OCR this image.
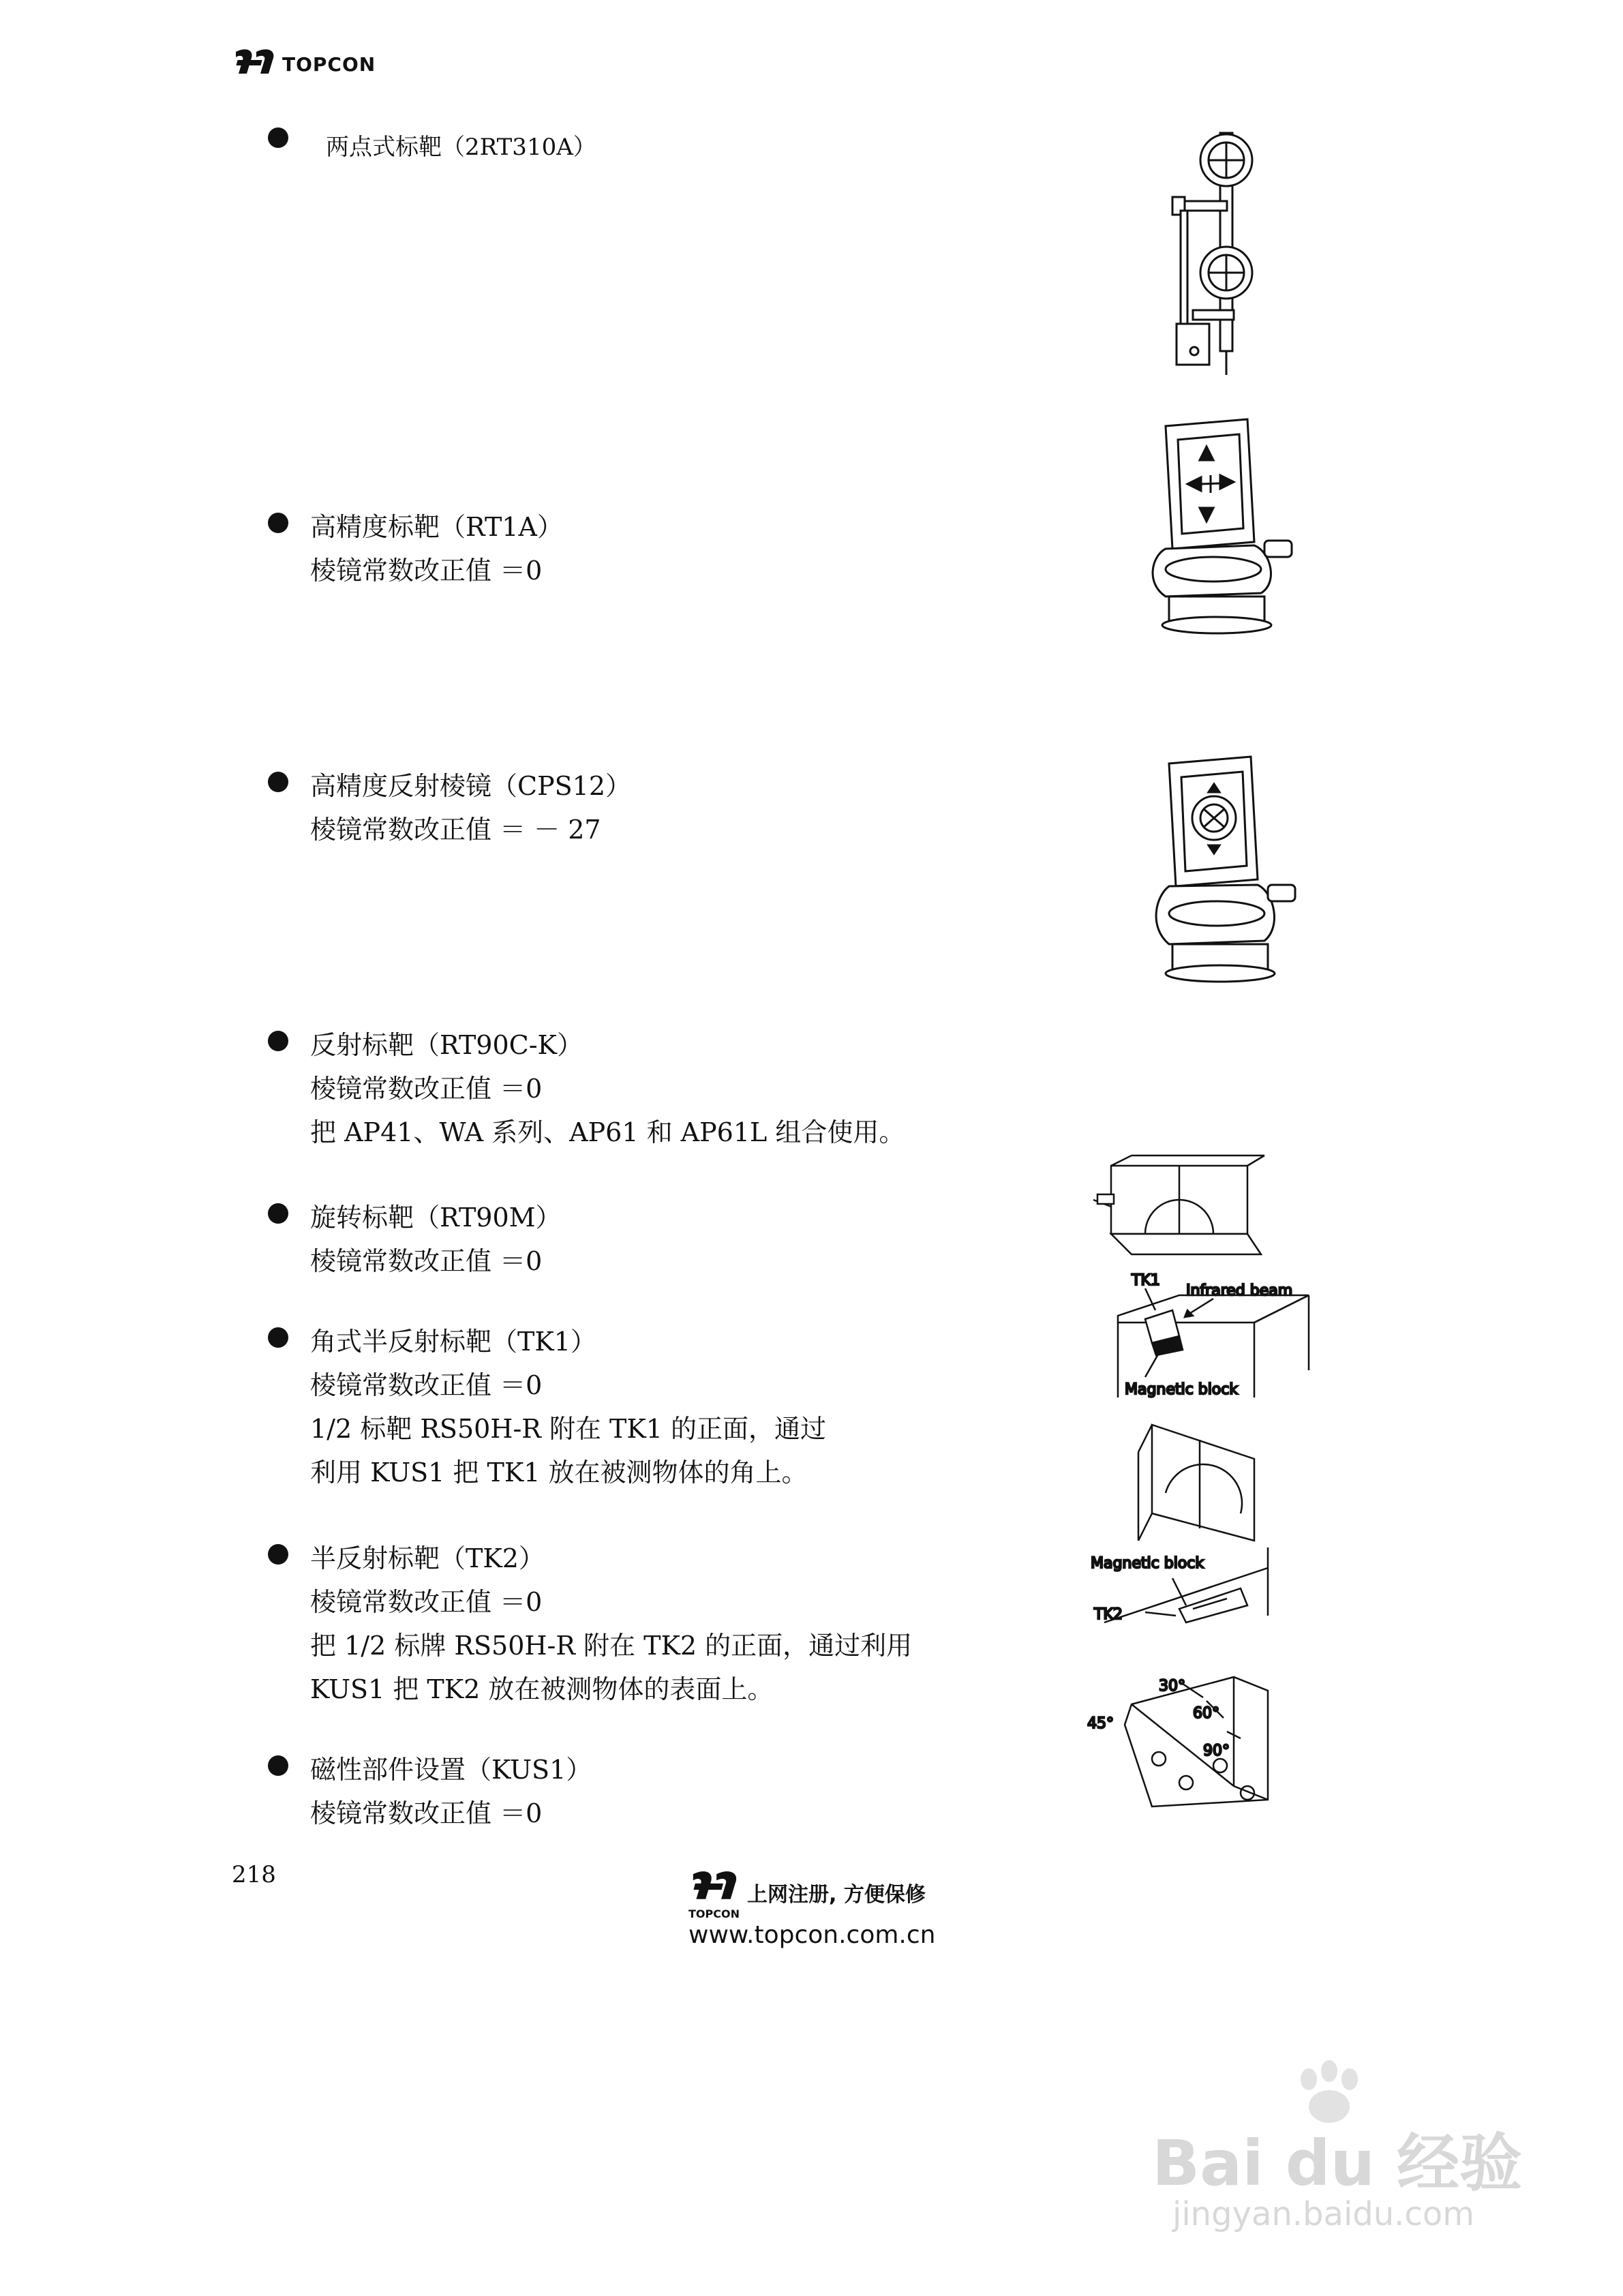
TOPCON
两点式标靶（2RT310A）
高精度标靶（RT1A）
棱镜常数改正值 ＝0
高精度反射棱镜（CPS12）
棱镜常数改正值 ＝ － 27
反射标靶（RT90C-K）
棱镜常数改正值 ＝0
把 AP41、WA 系列、AP61 和 AP61L 组合使用。
旋转标靶（RT90M）
棱镜常数改正值 ＝0
角式半反射标靶（TK1）
棱镜常数改正值 ＝0
1/2 标靶 RS50H-R 附在 TK1 的正面，通过
利用 KUS1 把 TK1 放在被测物体的角上。
半反射标靶（TK2）
棱镜常数改正值 ＝0
把 1/2 标牌 RS50H-R 附在 TK2 的正面，通过利用
KUS1 把 TK2 放在被测物体的表面上。
磁性部件设置（KUS1）
棱镜常数改正值 ＝0
TK1
Infrared beam
Magnetic block
Magnetic block
TK2
30°
45°
60°
90°
218
TOPCON
上网注册, 方便保修
www.topcon.com.cn
Bai du 经验
jingyan.baidu.com
